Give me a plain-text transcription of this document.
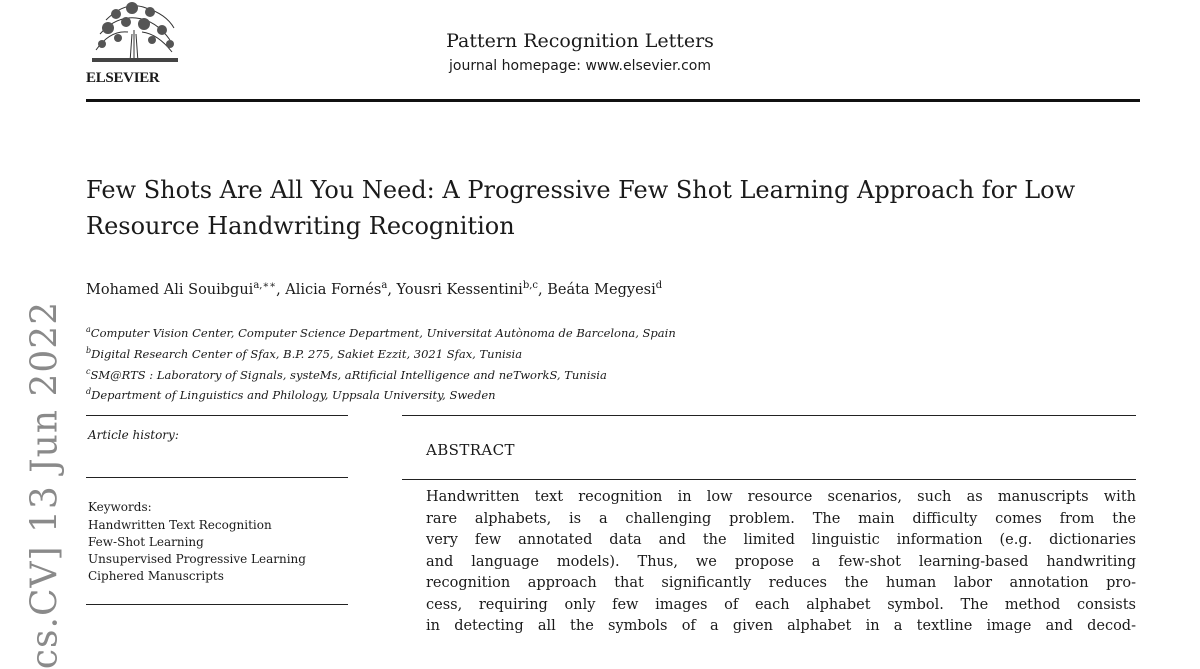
ELSEVIER
Pattern Recognition Letters
journal homepage: www.elsevier.com
cs.CV] 13 Jun 2022
Few Shots Are All You Need: A Progressive Few Shot Learning Approach for Low Resource Handwriting Recognition
Mohamed Ali Souibgui$^{a,∗∗}$, Alicia Fornés$^a$, Yousri Kessentini$^{b,c}$, Beáta Megyesi$^d$
$^a$Computer Vision Center, Computer Science Department, Universitat Autònoma de Barcelona, Spain
$^b$Digital Research Center of Sfax, B.P. 275, Sakiet Ezzit, 3021 Sfax, Tunisia
$^c$SM@RTS : Laboratory of Signals, systeMs, aRtificial Intelligence and neTworkS, Tunisia
$^d$Department of Linguistics and Philology, Uppsala University, Sweden
Article history:
Keywords:
Handwritten Text Recognition
Few-Shot Learning
Unsupervised Progressive Learning
Ciphered Manuscripts
ABSTRACT
Handwritten text recognition in low resource scenarios, such as manuscripts with
rare alphabets, is a challenging problem. The main difficulty comes from the
very few annotated data and the limited linguistic information (e.g. dictionaries
and language models). Thus, we propose a few-shot learning-based handwriting
recognition approach that significantly reduces the human labor annotation pro-
cess, requiring only few images of each alphabet symbol. The method consists
in detecting all the symbols of a given alphabet in a textline image and decod-
